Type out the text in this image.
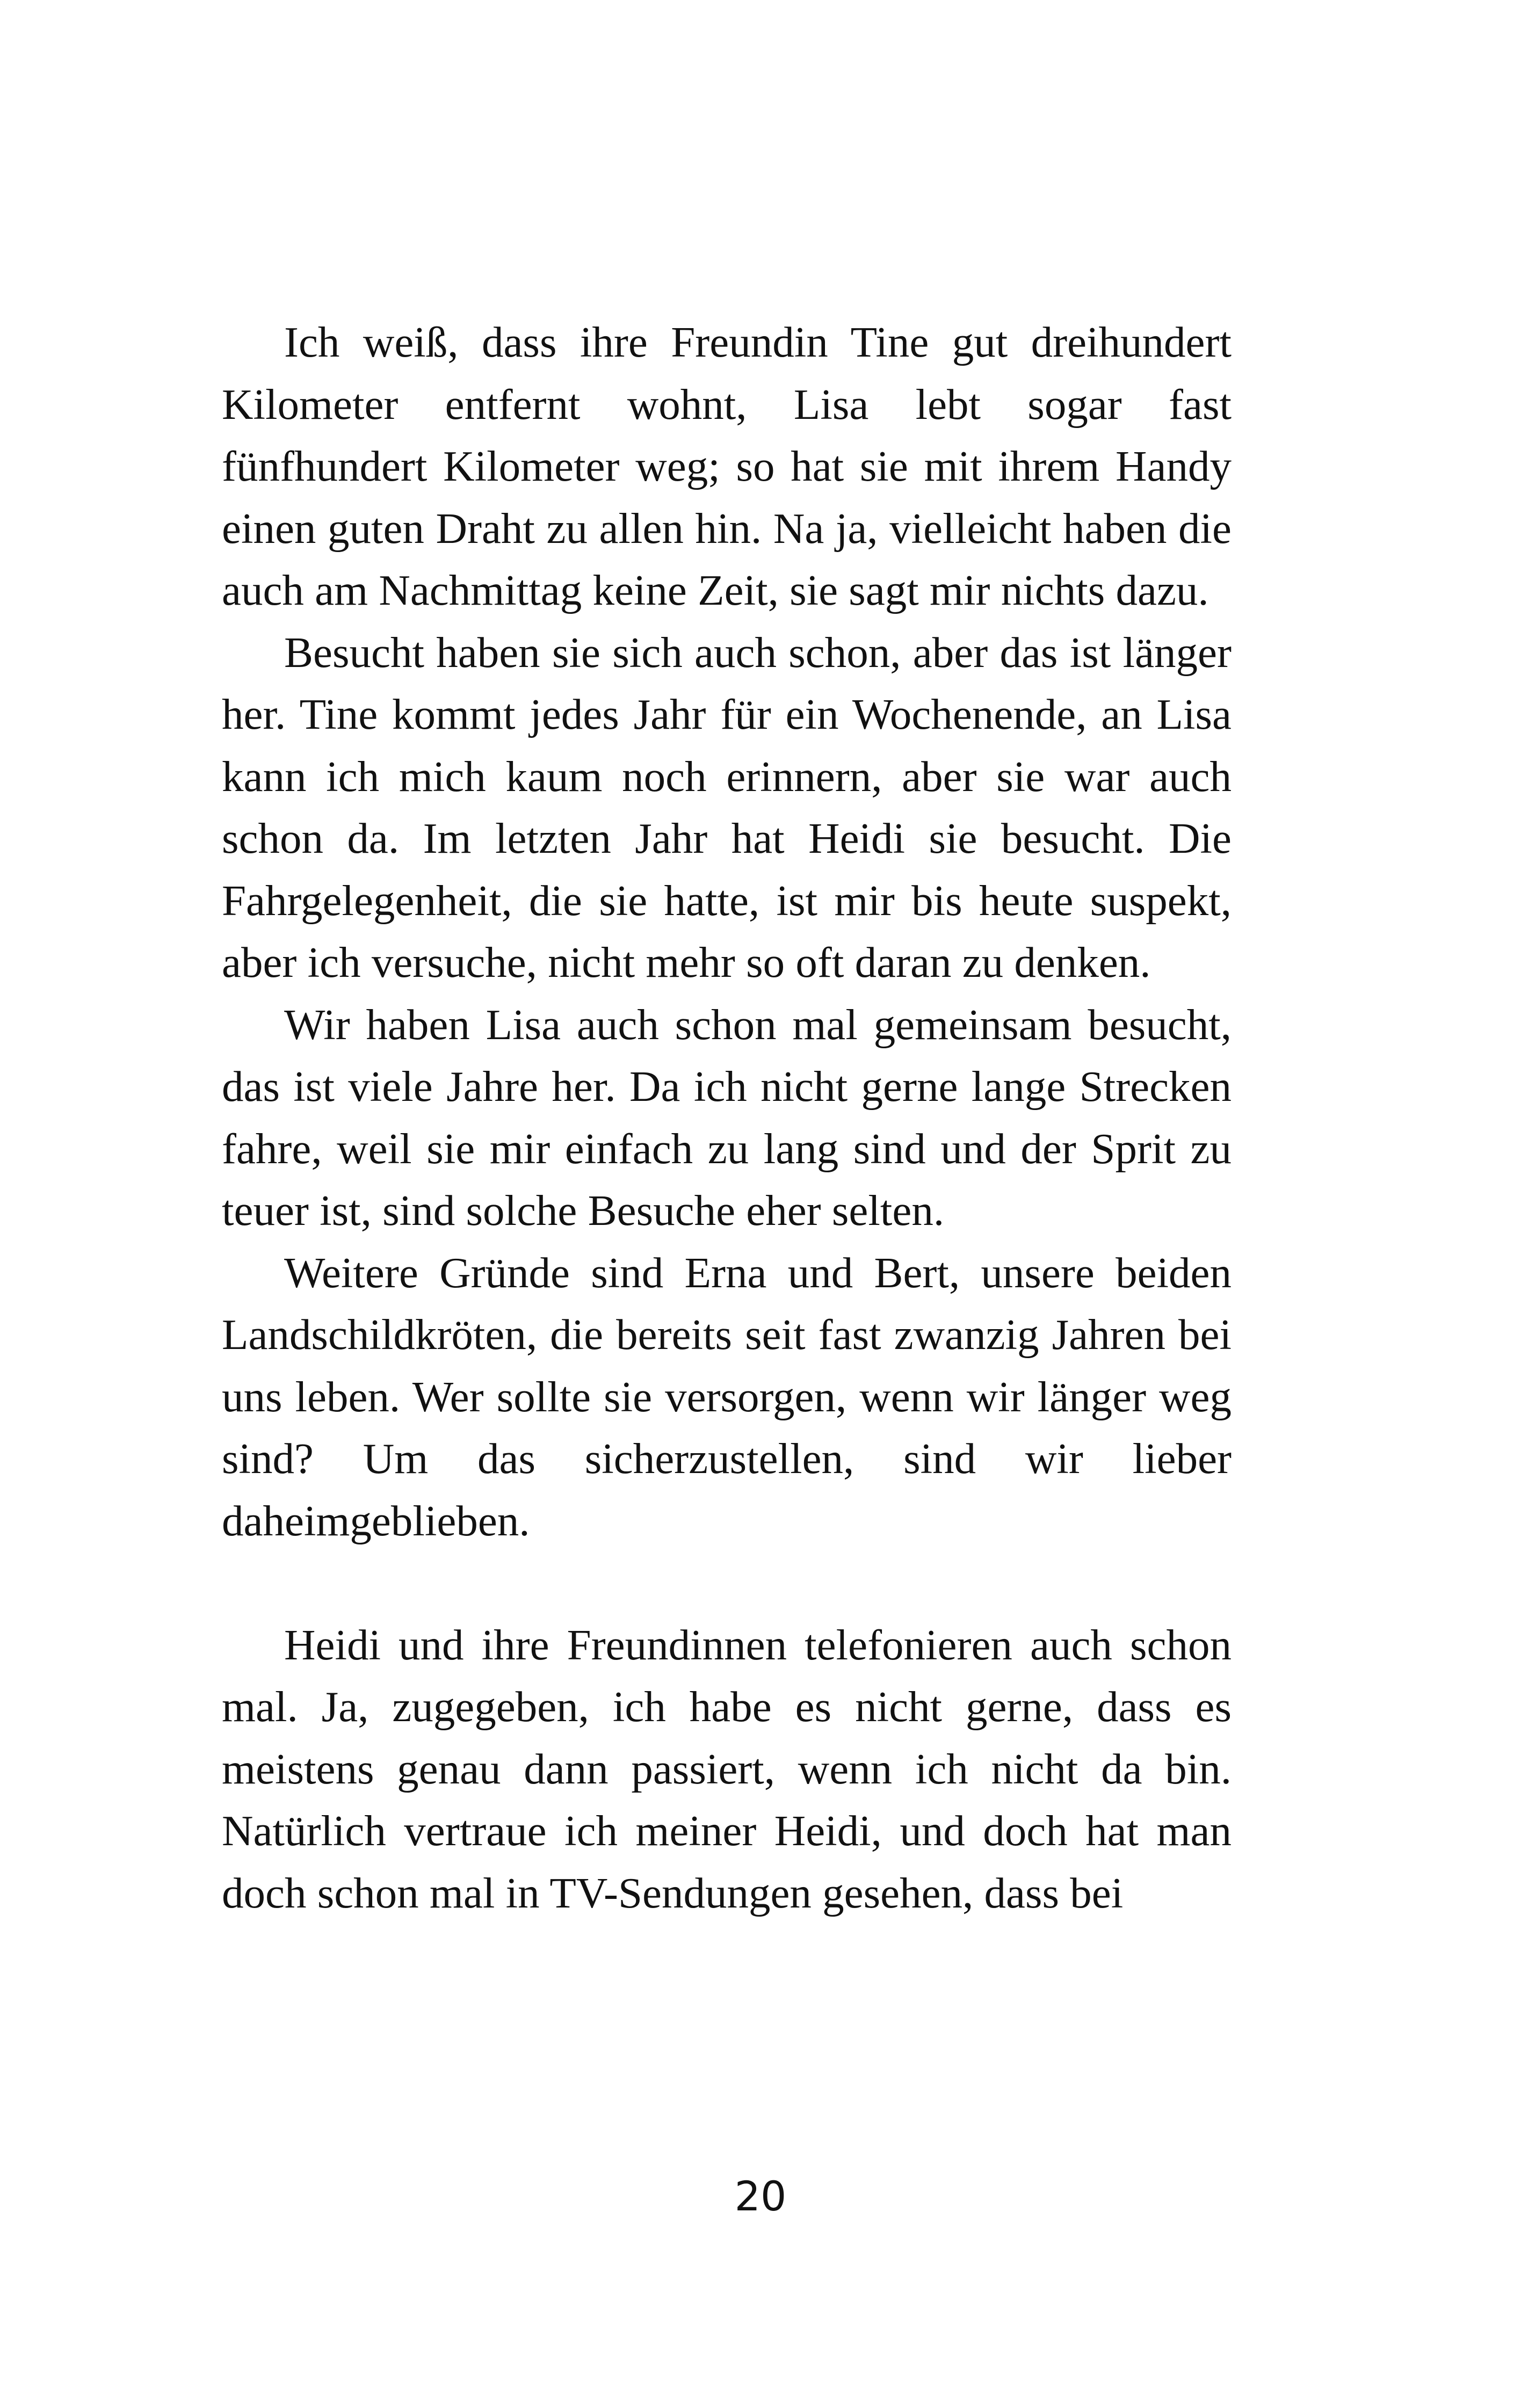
Ich weiß, dass ihre Freundin Tine gut dreihundert Kilometer entfernt wohnt, Lisa lebt sogar fast fünfhundert Kilometer weg; so hat sie mit ihrem Handy einen guten Draht zu allen hin. Na ja, vielleicht haben die auch am Nachmittag keine Zeit, sie sagt mir nichts dazu.

Besucht haben sie sich auch schon, aber das ist länger her. Tine kommt jedes Jahr für ein Wochenende, an Lisa kann ich mich kaum noch erinnern, aber sie war auch schon da. Im letzten Jahr hat Heidi sie besucht. Die Fahrgelegenheit, die sie hatte, ist mir bis heute suspekt, aber ich versuche, nicht mehr so oft daran zu denken.

Wir haben Lisa auch schon mal gemeinsam besucht, das ist viele Jahre her. Da ich nicht gerne lange Strecken fahre, weil sie mir einfach zu lang sind und der Sprit zu teuer ist, sind solche Besuche eher selten.

Weitere Gründe sind Erna und Bert, unsere beiden Landschildkröten, die bereits seit fast zwanzig Jahren bei uns leben. Wer sollte sie versorgen, wenn wir länger weg sind? Um das sicherzustellen, sind wir lieber daheimgeblieben.

Heidi und ihre Freundinnen telefonieren auch schon mal. Ja, zugegeben, ich habe es nicht gerne, dass es meistens genau dann passiert, wenn ich nicht da bin. Natürlich vertraue ich meiner Heidi, und doch hat man doch schon mal in TV-Sendungen gesehen, dass bei

20
